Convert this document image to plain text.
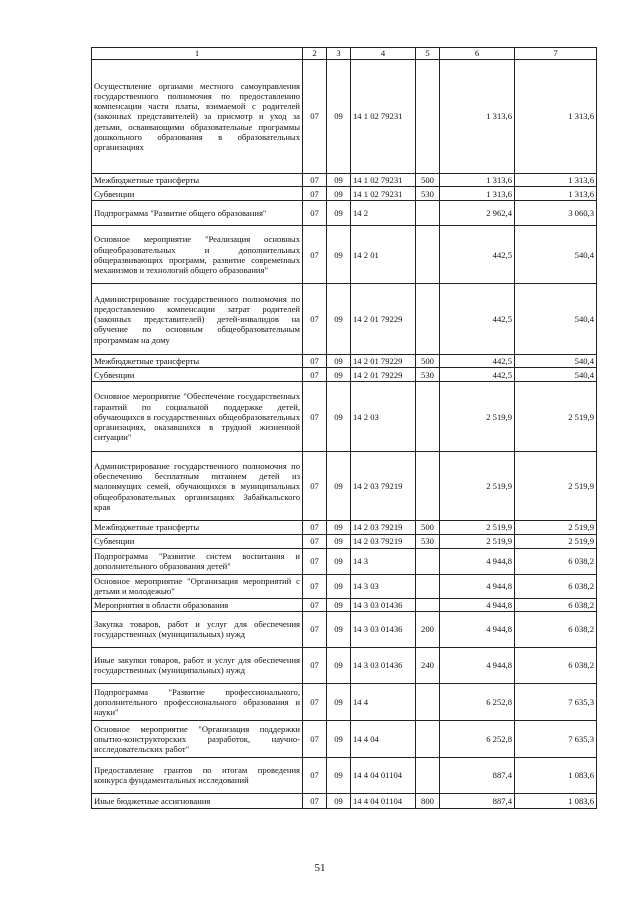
1	2	3	4	5	6	7
Осуществление органами местного самоуправления государственного полномочия по предоставлению компенсации части платы, взимаемой с родителей (законных представителей) за присмотр и уход за детьми, осваивающими образовательные программы дошкольного образования в образовательных организациях	07	09	14 1 02 79231		1 313,6	1 313,6
Межбюджетные трансферты	07	09	14 1 02 79231	500	1 313,6	1 313,6
Субвенции	07	09	14 1 02 79231	530	1 313,6	1 313,6
Подпрограмма "Развитие общего образования"	07	09	14 2		2 962,4	3 060,3
Основное мероприятие "Реализация основных общеобразовательных и дополнительных общеразвивающих программ, развитие современных механизмов и технологий общего образования"	07	09	14 2 01		442,5	540,4
Администрирование государственного полномочия по предоставлению компенсации затрат родителей (законных представителей) детей-инвалидов на обучение по основным общеобразовательным программам на дому	07	09	14 2 01 79229		442,5	540,4
Межбюджетные трансферты	07	09	14 2 01 79229	500	442,5	540,4
Субвенции	07	09	14 2 01 79229	530	442,5	540,4
Основное мероприятие "Обеспечение государственных гарантий по социальной поддержке детей, обучающихся в государственных общеобразовательных организациях, оказавшихся в трудной жизненной ситуации"	07	09	14 2 03		2 519,9	2 519,9
Администрирование государственного полномочия по обеспечению бесплатным питанием детей из малоимущих семей, обучающихся в муниципальных общеобразовательных организациях Забайкальского края	07	09	14 2 03 79219		2 519,9	2 519,9
Межбюджетные трансферты	07	09	14 2 03 79219	500	2 519,9	2 519,9
Субвенции	07	09	14 2 03 79219	530	2 519,9	2 519,9
Подпрограмма "Развитие систем воспитания и дополнительного образования детей"	07	09	14 3		4 944,8	6 038,2
Основное мероприятие "Организация мероприятий с детьми и молодежью"	07	09	14 3 03		4 944,8	6 038,2
Мероприятия в области образования	07	09	14 3 03 01436		4 944,8	6 038,2
Закупка товаров, работ и услуг для обеспечения государственных (муниципальных) нужд	07	09	14 3 03 01436	200	4 944,8	6 038,2
Иные закупки товаров, работ и услуг для обеспечения государственных (муниципальных) нужд	07	09	14 3 03 01436	240	4 944,8	6 038,2
Подпрограмма "Развитие профессионального, дополнительного профессионального образования и науки"	07	09	14 4		6 252,8	7 635,3
Основное мероприятие "Организация поддержки опытно-конструкторских разработок, научно-исследовательских работ"	07	09	14 4 04		6 252,8	7 635,3
Предоставление грантов по итогам проведения конкурса фундаментальных исследований	07	09	14 4 04 01104		887,4	1 083,6
Иные бюджетные ассигнования	07	09	14 4 04 01104	800	887,4	1 083,6
51
